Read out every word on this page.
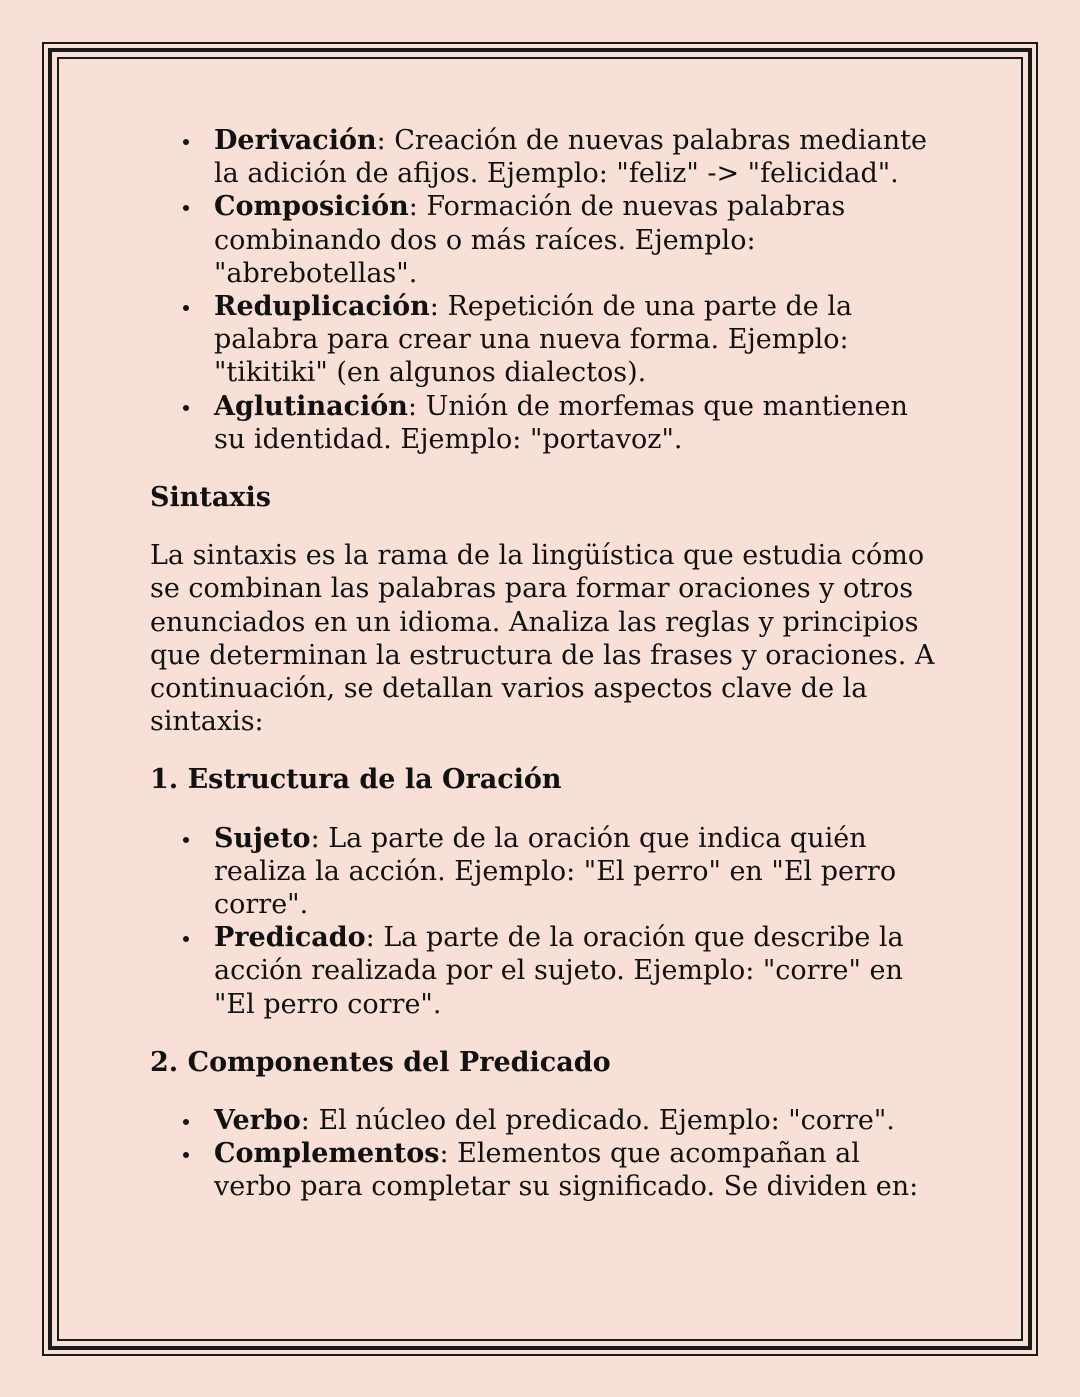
Derivación: Creación de nuevas palabras mediante la adición de afijos. Ejemplo: "feliz" -> "felicidad".
Composición: Formación de nuevas palabras combinando dos o más raíces. Ejemplo: "abrebotellas".
Reduplicación: Repetición de una parte de la palabra para crear una nueva forma. Ejemplo: "tikitiki" (en algunos dialectos).
Aglutinación: Unión de morfemas que mantienen su identidad. Ejemplo: "portavoz".

Sintaxis

La sintaxis es la rama de la lingüística que estudia cómo se combinan las palabras para formar oraciones y otros enunciados en un idioma. Analiza las reglas y principios que determinan la estructura de las frases y oraciones. A continuación, se detallan varios aspectos clave de la sintaxis:

1. Estructura de la Oración

Sujeto: La parte de la oración que indica quién realiza la acción. Ejemplo: "El perro" en "El perro corre".
Predicado: La parte de la oración que describe la acción realizada por el sujeto. Ejemplo: "corre" en "El perro corre".

2. Componentes del Predicado

Verbo: El núcleo del predicado. Ejemplo: "corre".
Complementos: Elementos que acompañan al verbo para completar su significado. Se dividen en:
